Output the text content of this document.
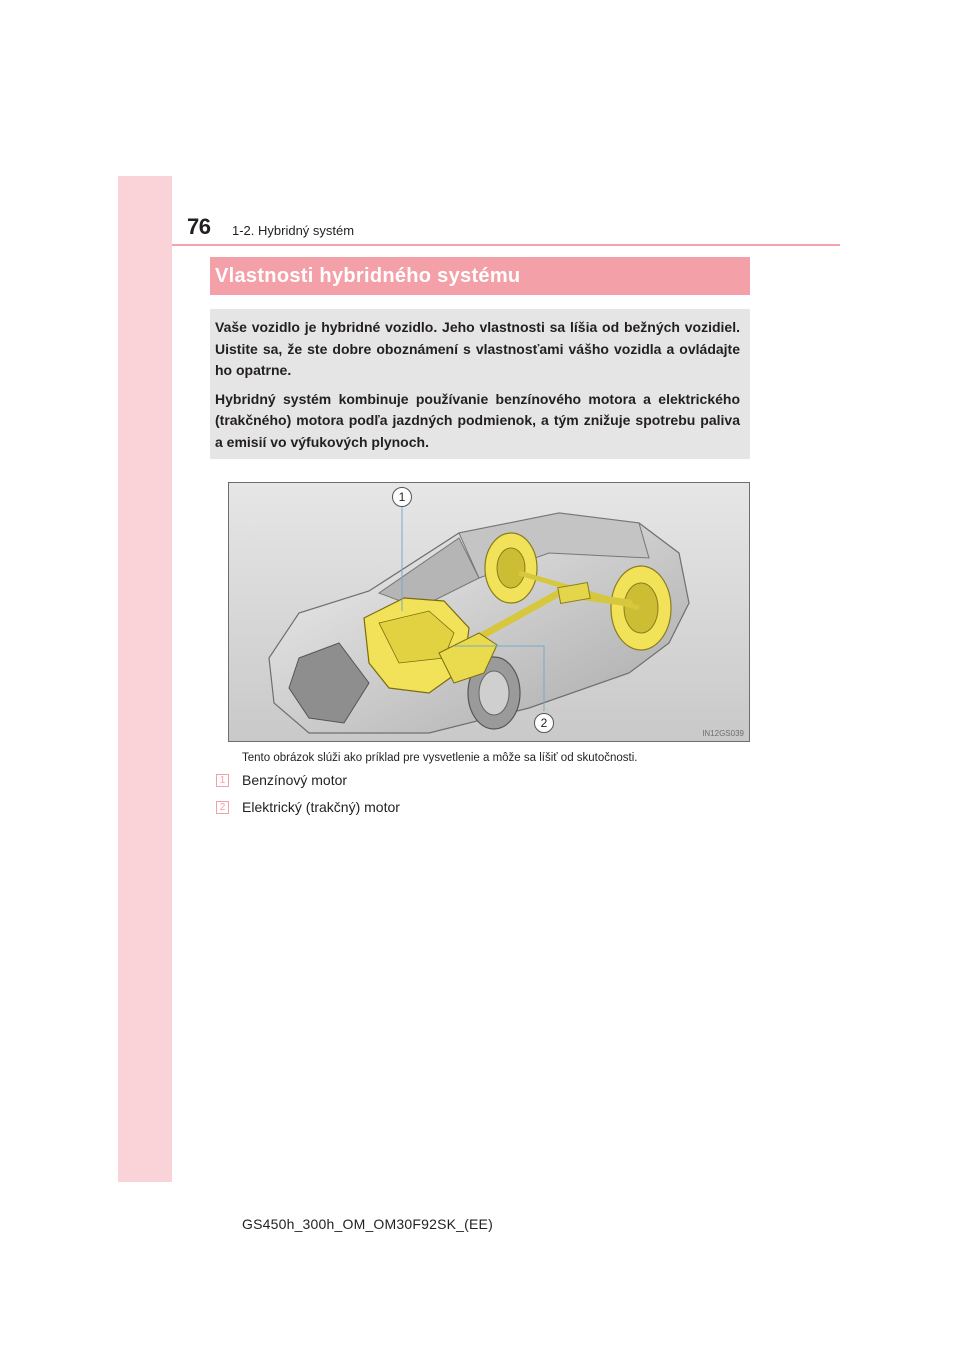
76 1-2. Hybridný systém
Vlastnosti hybridného systému

Vaše vozidlo je hybridné vozidlo. Jeho vlastnosti sa líšia od bežných vozidiel. Uistite sa, že ste dobre oboznámení s vlastnosťami vášho vozidla a ovládajte ho opatrne.

Hybridný systém kombinuje používanie benzínového motora a elektrického (trakčného) motora podľa jazdných podmienok, a tým znižuje spotrebu paliva a emisií vo výfukových plynoch.

1
2
IN12GS039
Tento obrázok slúži ako príklad pre vysvetlenie a môže sa líšiť od skutočnosti.
1 Benzínový motor
2 Elektrický (trakčný) motor
GS450h_300h_OM_OM30F92SK_(EE)
